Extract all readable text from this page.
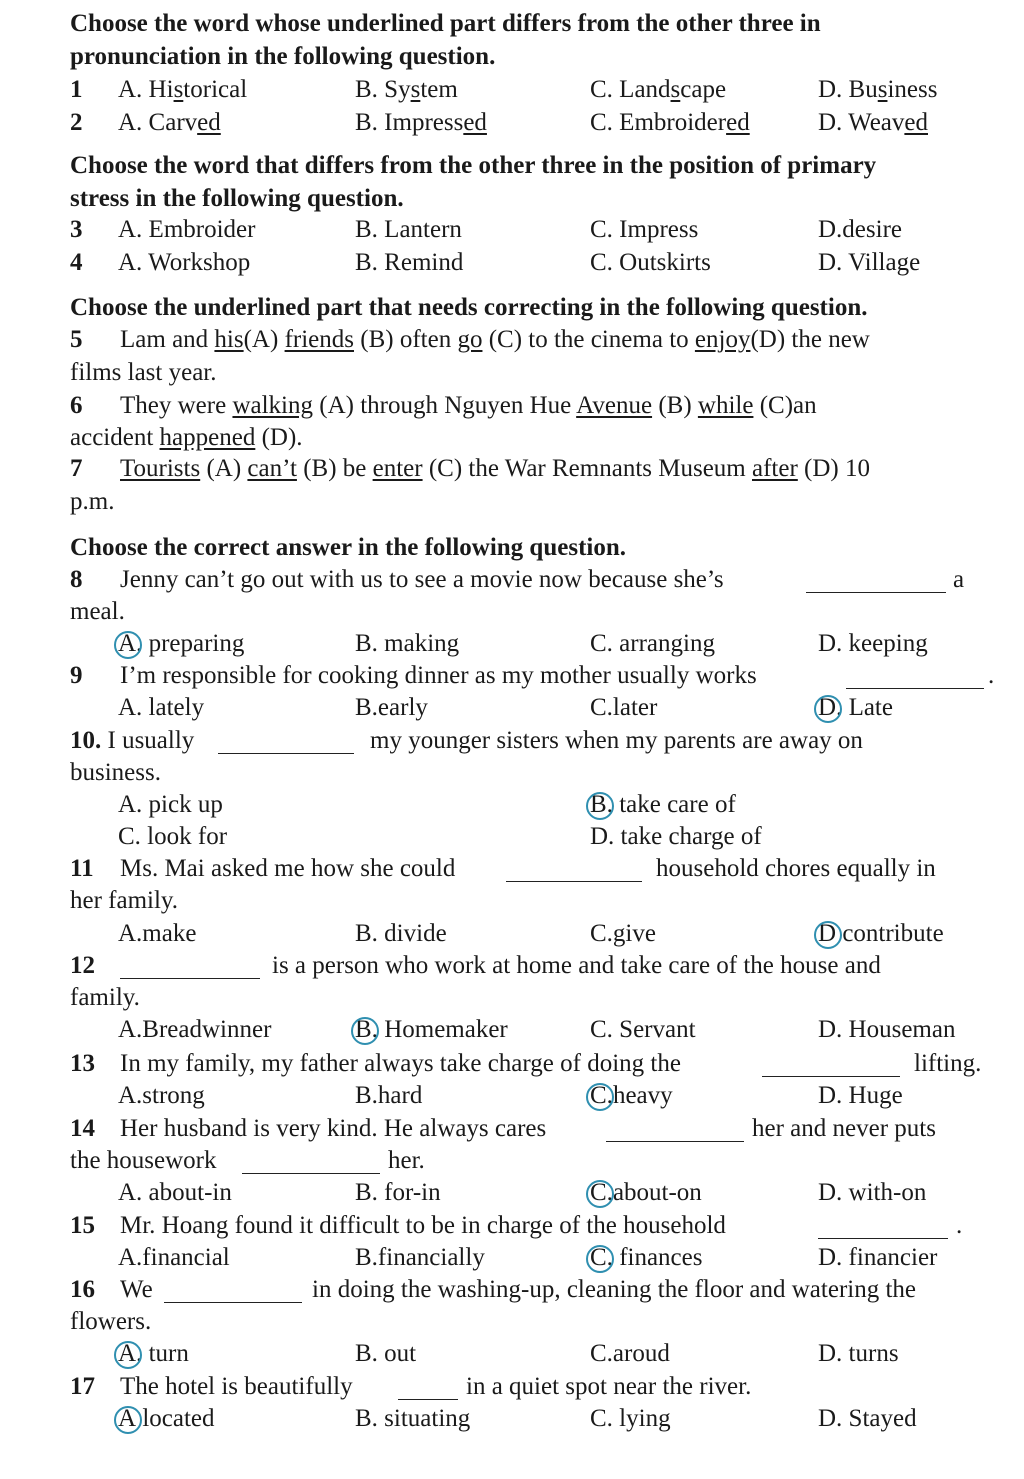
Choose the word whose underlined part differs from the other three in
pronunciation in the following question.
1	A. Historical	B. System	C. Landscape	D. Business
2	A. Carved	B. Impressed	C. Embroidered	D. Weaved
Choose the word that differs from the other three in the position of primary
stress in the following question.
3	A. Embroider	B. Lantern	C. Impress	D.desire
4	A. Workshop	B. Remind	C. Outskirts	D. Village
Choose the underlined part that needs correcting in the following question.
5 Lam and his(A) friends (B) often go (C) to the cinema to enjoy(D) the new
films last year.
6 They were walking (A) through Nguyen Hue Avenue (B) while (C)an
accident happened (D).
7 Tourists (A) can’t (B) be enter (C) the War Remnants Museum after (D) 10
p.m.
Choose the correct answer in the following question.
8 Jenny can’t go out with us to see a movie now because she’s	a
meal.
A. preparing	B. making	C. arranging	D. keeping
9 I’m responsible for cooking dinner as my mother usually works	.
A. lately	B.early	C.later	D. Late
10. I usually	my younger sisters when my parents are away on
business.
A. pick up	B. take care of
C. look for	D. take charge of
11 Ms. Mai asked me how she could	household chores equally in
her family.
A.make	B. divide	C.give	D contribute
12	is a person who work at home and take care of the house and
family.
A.Breadwinner	B. Homemaker	C. Servant	D. Houseman
13 In my family, my father always take charge of doing the	lifting.
A.strong	B.hard	C.heavy	D. Huge
14 Her husband is very kind. He always cares	her and never puts
the housework	her.
A. about-in	B. for-in	C.about-on	D. with-on
15 Mr. Hoang found it difficult to be in charge of the household	.
A.financial	B.financially	C. finances	D. financier
16 We	in doing the washing-up, cleaning the floor and watering the
flowers.
A. turn	B. out	C.aroud	D. turns
17 The hotel is beautifully	in a quiet spot near the river.
A located	B. situating	C. lying	D. Stayed
